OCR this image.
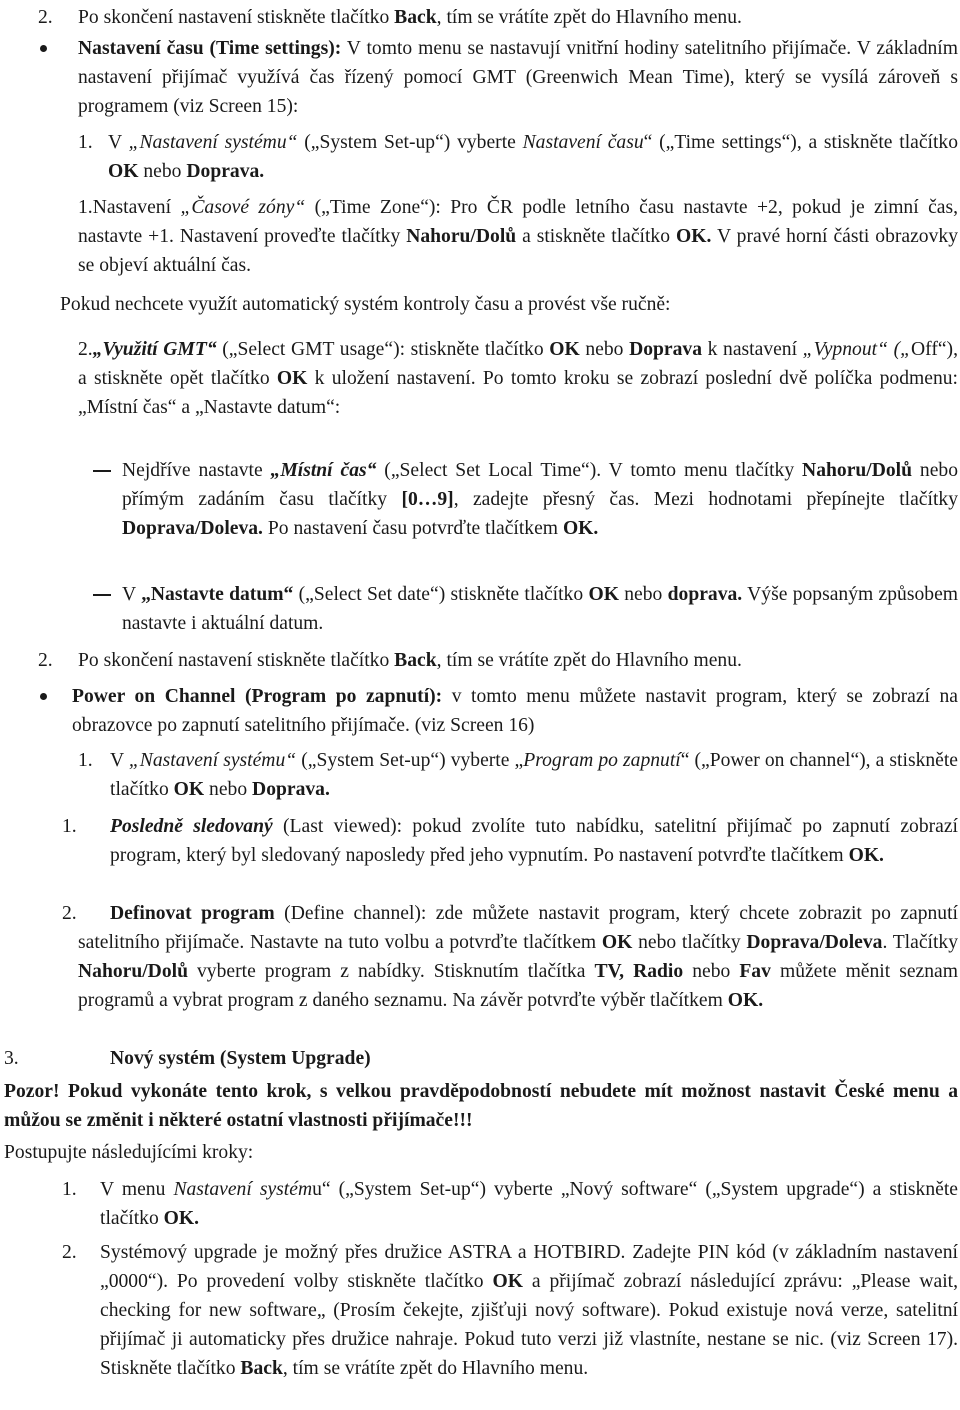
2. Po skončení nastavení stiskněte tlačítko Back, tím se vrátíte zpět do Hlavního menu.

Nastavení času (Time settings): V tomto menu se nastavují vnitřní hodiny satelitního přijímače. V základním nastavení přijímač využívá čas řízený pomocí GMT (Greenwich Mean Time), který se vysílá zároveň s programem (viz Screen 15):

1. V „Nastavení systému“ („System Set-up“) vyberte Nastavení času“ („Time settings“), a stiskněte tlačítko OK nebo Doprava.

1.Nastavení „Časové zóny“ („Time Zone“): Pro ČR podle letního času nastavte +2, pokud je zimní čas, nastavte +1. Nastavení proveďte tlačítky Nahoru/Dolů a stiskněte tlačítko OK. V pravé horní části obrazovky se objeví aktuální čas.

Pokud nechcete využít automatický systém kontroly času a provést vše ručně:

2.„Využití GMT“ („Select GMT usage“): stiskněte tlačítko OK nebo Doprava k nastavení „Vypnout“ („Off“), a stiskněte opět tlačítko OK k uložení nastavení. Po tomto kroku se zobrazí poslední dvě políčka podmenu: „Místní čas“ a „Nastavte datum“:

Nejdříve nastavte „Místní čas“ („Select Set Local Time“). V tomto menu tlačítky Nahoru/Dolů nebo přímým zadáním času tlačítky [0…9], zadejte přesný čas. Mezi hodnotami přepínejte tlačítky Doprava/Doleva. Po nastavení času potvrďte tlačítkem OK.

V „Nastavte datum“ („Select Set date“) stiskněte tlačítko OK nebo doprava. Výše popsaným způsobem nastavte i aktuální datum.

2. Po skončení nastavení stiskněte tlačítko Back, tím se vrátíte zpět do Hlavního menu.

Power on Channel (Program po zapnutí): v tomto menu můžete nastavit program, který se zobrazí na obrazovce po zapnutí satelitního přijímače. (viz Screen 16)

1. V „Nastavení systému“ („System Set-up“) vyberte „Program po zapnutí“ („Power on channel“), a stiskněte tlačítko OK nebo Doprava.

1. Posledně sledovaný (Last viewed): pokud zvolíte tuto nabídku, satelitní přijímač po zapnutí zobrazí program, který byl sledovaný naposledy před jeho vypnutím. Po nastavení potvrďte tlačítkem OK.

2.	Definovat program (Define channel): zde můžete nastavit program, který chcete zobrazit po zapnutí satelitního přijímače. Nastavte na tuto volbu a potvrďte tlačítkem OK nebo tlačítky Doprava/Doleva. Tlačítky Nahoru/Dolů vyberte program z nabídky. Stisknutím tlačítka TV, Radio nebo Fav můžete měnit seznam programů a vybrat program z daného seznamu. Na závěr potvrďte výběr tlačítkem OK.

3.	Nový systém (System Upgrade)

Pozor! Pokud vykonáte tento krok, s velkou pravděpodobností nebudete mít možnost nastavit České menu a můžou se změnit i některé ostatní vlastnosti přijímače!!!

Postupujte následujícími kroky:

1. V menu Nastavení systému“ („System Set-up“) vyberte „Nový software“ („System upgrade“) a stiskněte tlačítko OK.

2. Systémový upgrade je možný přes družice ASTRA a HOTBIRD. Zadejte PIN kód (v základním nastavení „0000“). Po provedení volby stiskněte tlačítko OK a přijímač zobrazí následující zprávu: „Please wait, checking for new software„ (Prosím čekejte, zjišťuji nový software). Pokud existuje nová verze, satelitní přijímač ji automaticky přes družice nahraje. Pokud tuto verzi již vlastníte, nestane se nic. (viz Screen 17). Stiskněte tlačítko Back, tím se vrátíte zpět do Hlavního menu.
